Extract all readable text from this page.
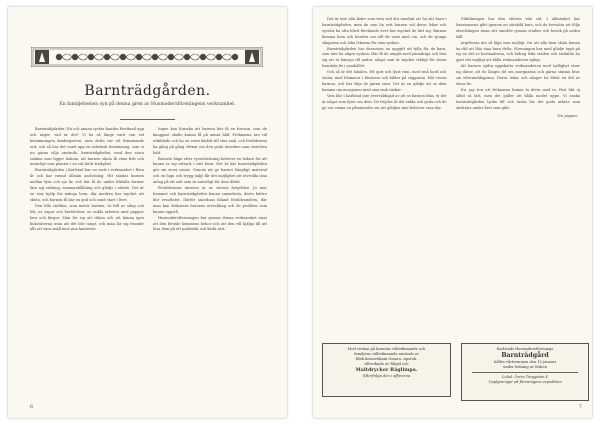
Barnträdgården.
En familjehelsen syn på denna gren av Husmodersföreningens verksamhet.

Barnträdgården! En och annan tycker kanske förvånad upp och säger: vad är det? Vi ha så länge varit van vid benämningen kindergarten, men detta var ett främmande ord, och så har det vuxit upp en inhemsk benämning, som vi nu gärna vilja använda, barnträdgården, med den stora tanken som ligger bakom, att barnen skola få växa fritt och naturligt som plantor i en väl skött trädgård.

Barnträdgården i Karlstad har nu varit i verksamhet i flera år och har vunnit allmän anslutning. Hit sändas barnen mellan fyra och sju år, och här få de under lekfulla former lära sig ordning, sammanhållning och glädje i arbete. Det är en stor hjälp för många hem, där modern har mycket att sköta, och barnen få här en god och sund start i livet.

Den lilla världen, som möter barnen, är full av sång och lek, av sagor och berättelser, av enkla arbeten med papper, lera och färger. Man lär sig att räkna och att känna igen bokstäverna utan att det blir tungt, och man lär sig framför allt att vara snäll mot sina kamrater.

Ingen kan förneka att barnen här få en fostran, som de knappast skulle kunna få på annat håll. Fröknarna äro väl utbildade och ha en varm kärlek till sina små, och föräldrarna ha gång på gång vittnat om den goda inverkan som vistelsen haft.

Barnets hägn efter sysselsättning behöver en ledare för att kunna ta sig uttryck i rätt form. Det är här barnträdgården gör sin stora insats. Genom att ge barnet lämpligt material och en lugn och trygg miljö får det möjlighet att utveckla sina anlag på ett sätt som är naturligt för dess ålder.

Föräldrarnas intresse är av största betydelse. Ju mer hemmet och barnträdgården kunna samarbeta, desto bättre blir resultatet. Därför anordnas ibland föräldramöten, där man kan diskutera barnens utveckling och de problem som kunna uppstå.

Husmodersföreningen har genom denna verksamhet visat att den förstår hemmens behov och att den vill hjälpa till att lösa dem på ett praktiskt och klokt sätt.

6

Det är inte alla fäder som veta vad det innebär att ha sitt barn i barnträdgården, men de som ha sett barnen vid deras lekar och sysslor ha ofta blivit förvånade över hur mycket de lärt sig. Barnen komma hem och berätta om allt de varit med om, och de sjunga sångerna och leka lekarna för sina syskon.

Barnträdgården har dessutom en uppgift att fylla för de barn, som inte ha några syskon. Här få de umgås med jämnåriga och lära sig att ta hänsyn till andra, något som är mycket viktigt för deras framtida liv i samhället.

Och så är det lokalen. Ett gott och ljust rum, med små bord och stolar, med blommor i fönstren och bilder på väggarna. Här trivas barnen, och här vilja de gärna vara. Det är en glädje att se dem komma om morgonen med sina små väskor.

Vem blir i Karlstad inte överväldigad av att se barnen leka, ty det är något som lyser om dem. De fröjdas åt det enkla och goda och de ge oss vuxna en påminnelse om att glädjen inte behöver vara dyr.

Utbildningen har den största vikt vid. I allmänhet har lärarinnorna gått igenom en särskild kurs, och de fortsätta att följa utvecklingen inom sitt område genom studier och besök på andra håll.

Avgifterna äro så låga som möjligt, för att alla hem skola kunna ha råd att låta sina barn delta. Föreningen har med glädje tagit på sig en del av kostnaderna, och bidrag från staden och enskilda ha gjort det möjligt att hålla verksamheten igång.

Att barnen själva uppskatta verksamheten med tydlighet visar sig därav, att de längta dit om morgnarna och gärna stanna kvar om eftermiddagarna. Deras lekar och sånger ha blivit en del av deras liv.

Nu, jag tror att fröknarna kunna ta detta med ro. Fast blir ej alltid så lätt, men det gäller att hålla modet uppe. Vi önska barnträdgården lycka till och tacka för det goda arbete som uträttats under året som gått.

Tre pappor.
Med verkan på barnens välbefinnande och
familjens välbefinnande används er
Blek kosmetikum Omaru. Apotek.
tillverkade av Rågöl och
Maltdrycker Räglimpa.
Efterfråga den i affärerna
Karlstads Husmodersförenings
Barnträdgård
hålles vårterminen den 15 januari
under ledning av fröken
Lokal: Östra Torggatan 4
Upplysningar på föreningens expedition
7
